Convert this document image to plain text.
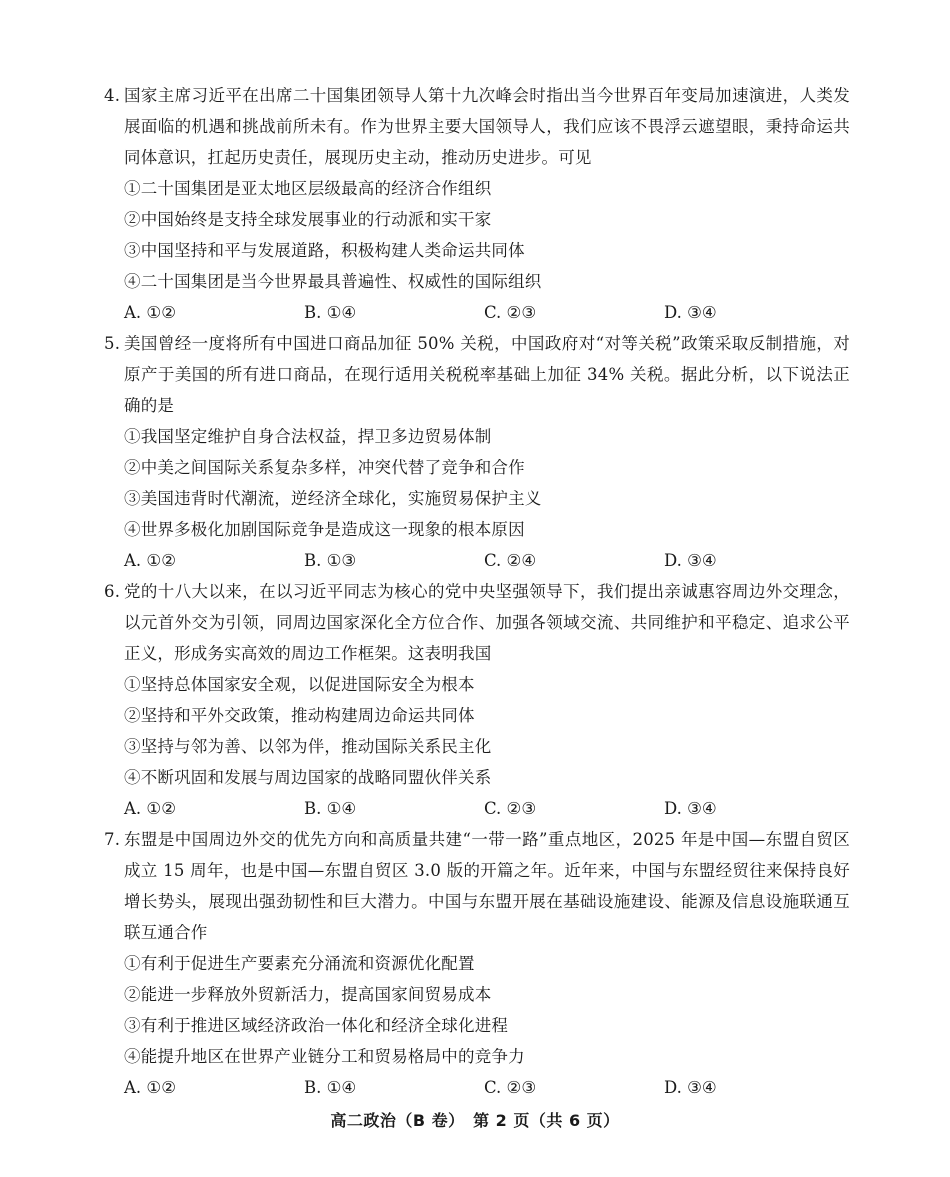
4. 国家主席习近平在出席二十国集团领导人第十九次峰会时指出当今世界百年变局加速演进，人类发展面临的机遇和挑战前所未有。作为世界主要大国领导人，我们应该不畏浮云遮望眼，秉持命运共同体意识，扛起历史责任，展现历史主动，推动历史进步。可见
①二十国集团是亚太地区层级最高的经济合作组织
②中国始终是支持全球发展事业的行动派和实干家
③中国坚持和平与发展道路，积极构建人类命运共同体
④二十国集团是当今世界最具普遍性、权威性的国际组织
A. ①②	B. ①④	C. ②③	D. ③④
5. 美国曾经一度将所有中国进口商品加征 50% 关税，中国政府对“对等关税”政策采取反制措施，对原产于美国的所有进口商品，在现行适用关税税率基础上加征 34% 关税。据此分析，以下说法正确的是
①我国坚定维护自身合法权益，捍卫多边贸易体制
②中美之间国际关系复杂多样，冲突代替了竞争和合作
③美国违背时代潮流，逆经济全球化，实施贸易保护主义
④世界多极化加剧国际竞争是造成这一现象的根本原因
A. ①②	B. ①③	C. ②④	D. ③④
6. 党的十八大以来，在以习近平同志为核心的党中央坚强领导下，我们提出亲诚惠容周边外交理念，以元首外交为引领，同周边国家深化全方位合作、加强各领域交流、共同维护和平稳定、追求公平正义，形成务实高效的周边工作框架。这表明我国
①坚持总体国家安全观，以促进国际安全为根本
②坚持和平外交政策，推动构建周边命运共同体
③坚持与邻为善、以邻为伴，推动国际关系民主化
④不断巩固和发展与周边国家的战略同盟伙伴关系
A. ①②	B. ①④	C. ②③	D. ③④
7. 东盟是中国周边外交的优先方向和高质量共建“一带一路”重点地区，2025 年是中国—东盟自贸区成立 15 周年，也是中国—东盟自贸区 3.0 版的开篇之年。近年来，中国与东盟经贸往来保持良好增长势头，展现出强劲韧性和巨大潜力。中国与东盟开展在基础设施建设、能源及信息设施联通互联互通合作
①有利于促进生产要素充分涌流和资源优化配置
②能进一步释放外贸新活力，提高国家间贸易成本
③有利于推进区域经济政治一体化和经济全球化进程
④能提升地区在世界产业链分工和贸易格局中的竞争力
A. ①②	B. ①④	C. ②③	D. ③④
高二政治（B 卷）　第 2 页（共 6 页）
